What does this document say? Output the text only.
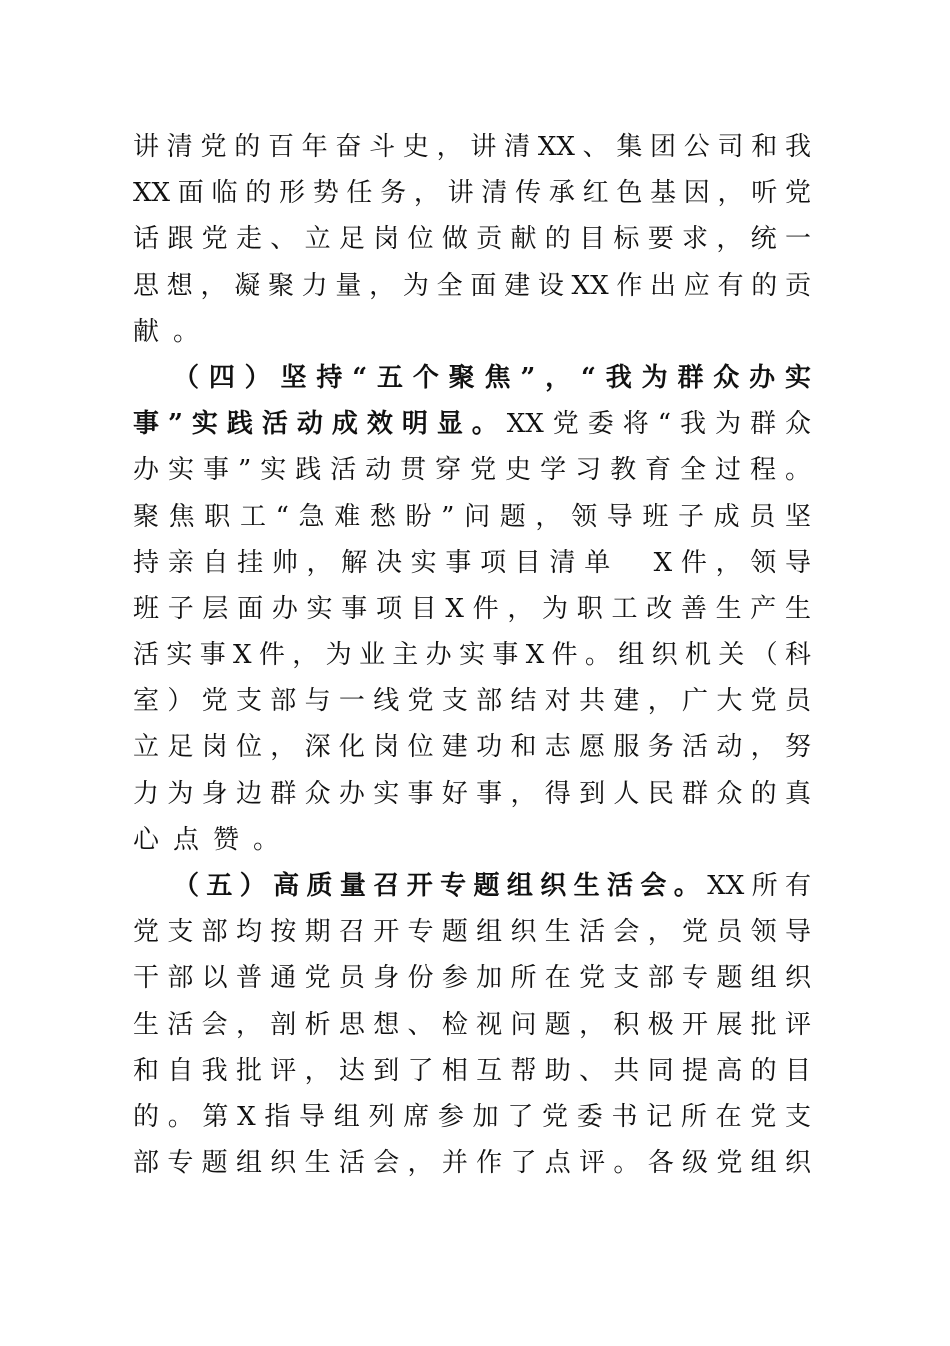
讲清党的百年奋斗史，讲清XX、集团公司和我
XX面临的形势任务，讲清传承红色基因，听党
话跟党走、立足岗位做贡献的目标要求，统一
思想，凝聚力量，为全面建设XX作出应有的贡
献。
（四）坚持“五个聚焦”，“我为群众办实
事”实践活动成效明显。XX党委将“我为群众
办实事”实践活动贯穿党史学习教育全过程。
聚焦职工“急难愁盼”问题，领导班子成员坚
持亲自挂帅，解决实事项目清单　X件，领导
班子层面办实事项目X件，为职工改善生产生
活实事X件，为业主办实事X件。组织机关（科
室）党支部与一线党支部结对共建，广大党员
立足岗位，深化岗位建功和志愿服务活动，努
力为身边群众办实事好事，得到人民群众的真
心点赞。
（五）高质量召开专题组织生活会。XX所有
党支部均按期召开专题组织生活会，党员领导
干部以普通党员身份参加所在党支部专题组织
生活会，剖析思想、检视问题，积极开展批评
和自我批评，达到了相互帮助、共同提高的目
的。第X指导组列席参加了党委书记所在党支
部专题组织生活会，并作了点评。各级党组织
